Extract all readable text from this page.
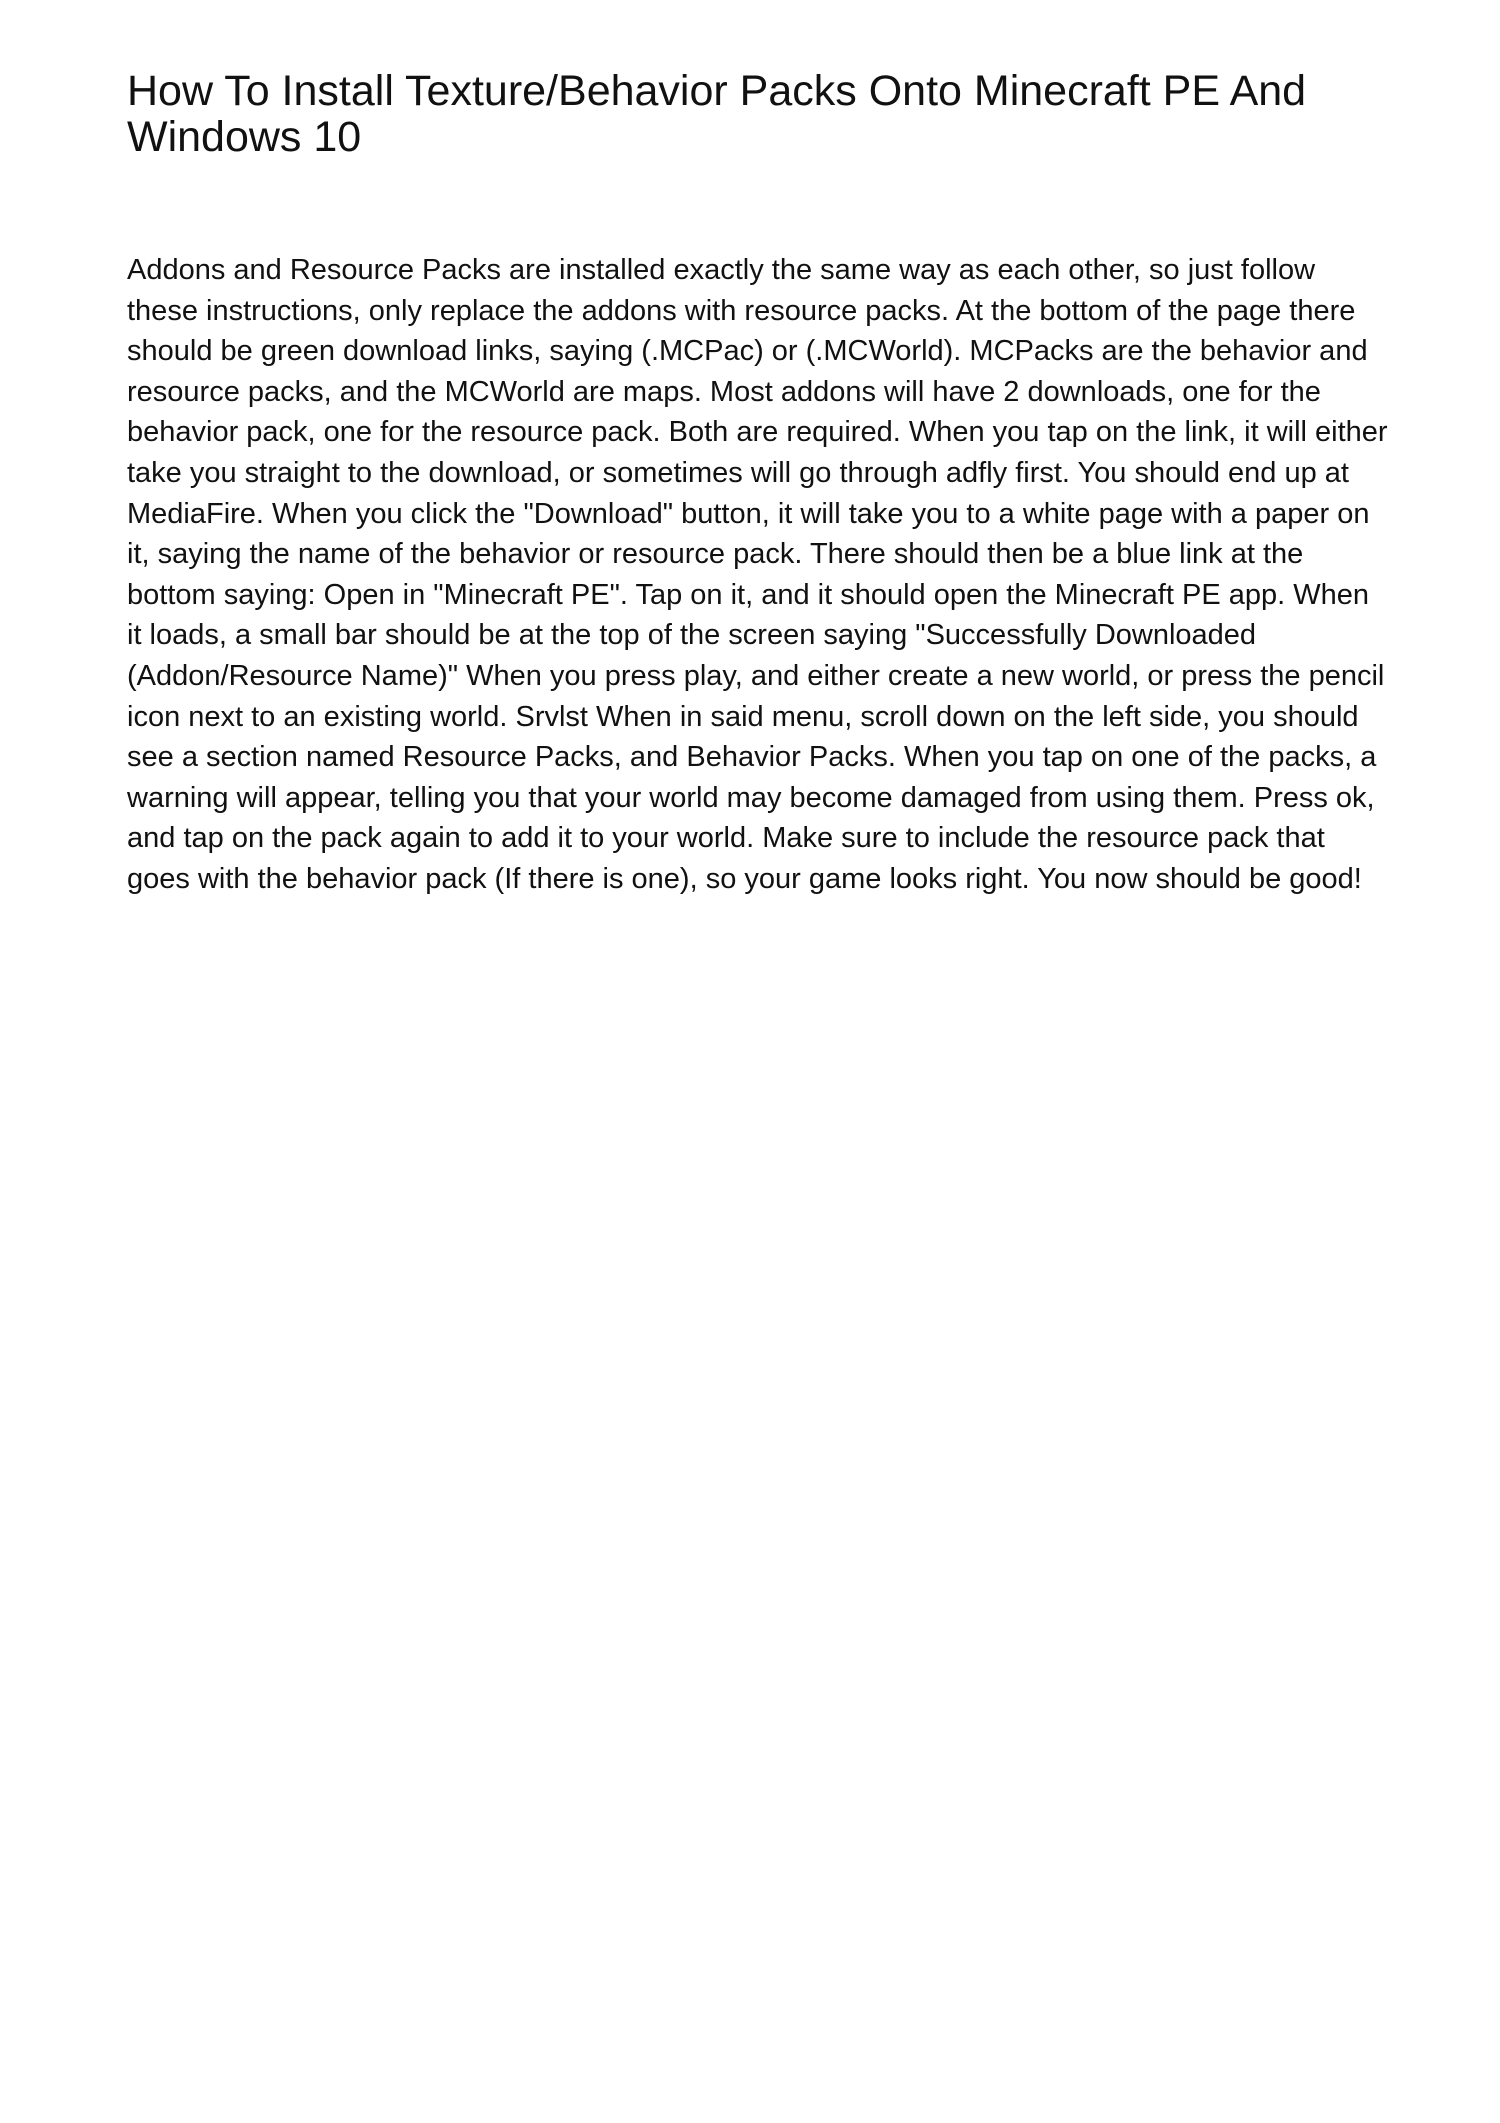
How To Install Texture/Behavior Packs Onto Minecraft PE And Windows 10

Addons and Resource Packs are installed exactly the same way as each other, so just follow these instructions, only replace the addons with resource packs. At the bottom of the page there should be green download links, saying (.MCPac) or (.MCWorld). MCPacks are the behavior and resource packs, and the MCWorld are maps. Most addons will have 2 downloads, one for the behavior pack, one for the resource pack. Both are required. When you tap on the link, it will either take you straight to the download, or sometimes will go through adfly first. You should end up at MediaFire. When you click the "Download" button, it will take you to a white page with a paper on it, saying the name of the behavior or resource pack. There should then be a blue link at the bottom saying: Open in "Minecraft PE". Tap on it, and it should open the Minecraft PE app. When it loads, a small bar should be at the top of the screen saying "Successfully Downloaded (Addon/Resource Name)" When you press play, and either create a new world, or press the pencil icon next to an existing world. Srvlst When in said menu, scroll down on the left side, you should see a section named Resource Packs, and Behavior Packs. When you tap on one of the packs, a warning will appear, telling you that your world may become damaged from using them. Press ok, and tap on the pack again to add it to your world. Make sure to include the resource pack that goes with the behavior pack (If there is one), so your game looks right. You now should be good!
